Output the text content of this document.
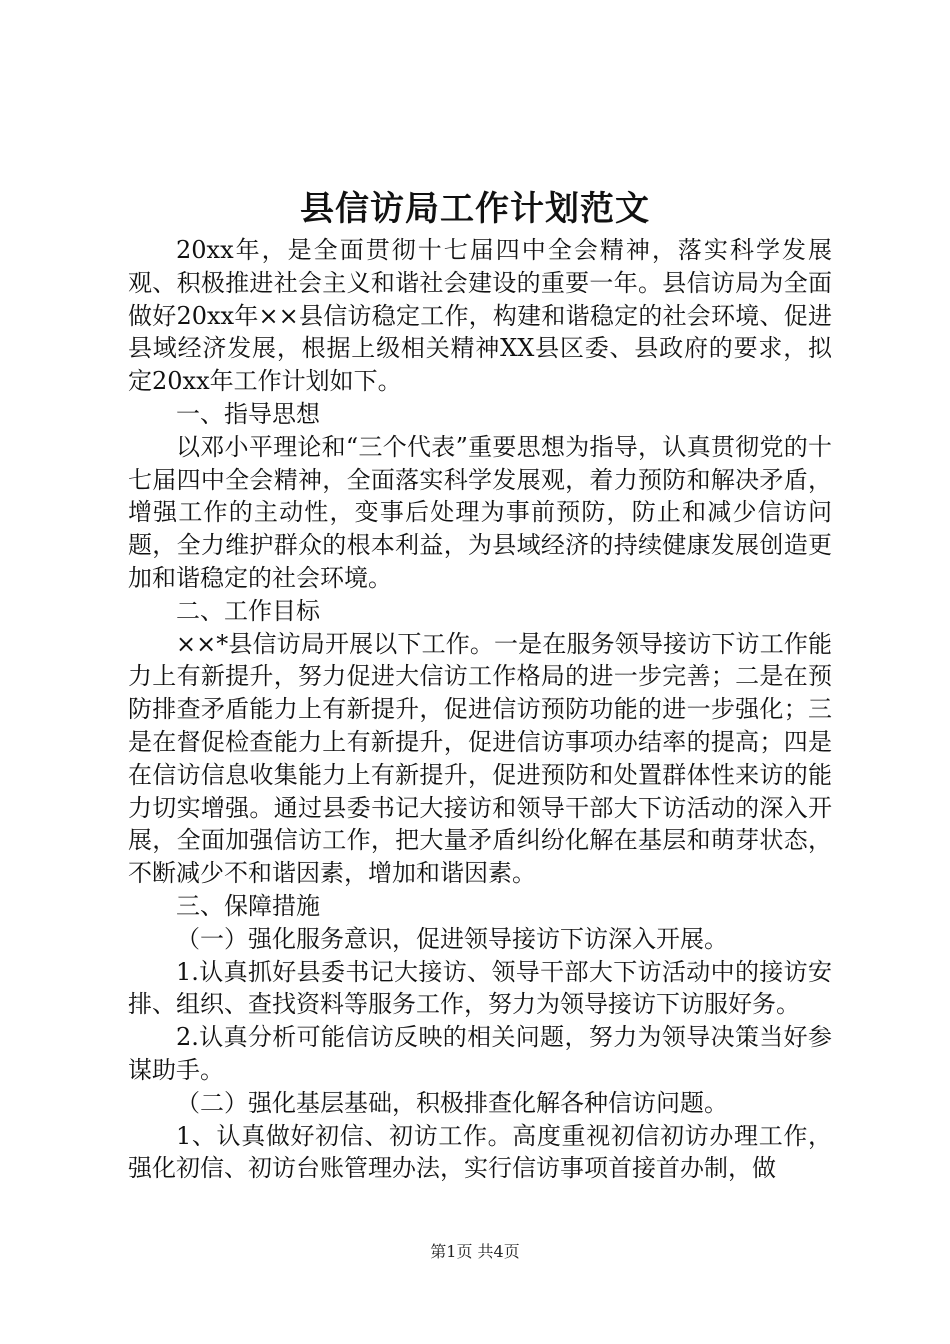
县信访局工作计划范文

20xx年，是全面贯彻十七届四中全会精神，落实科学发展观、积极推进社会主义和谐社会建设的重要一年。县信访局为全面做好20xx年××县信访稳定工作，构建和谐稳定的社会环境、促进县域经济发展，根据上级相关精神XX县区委、县政府的要求，拟定20xx年工作计划如下。

一、指导思想

以邓小平理论和“三个代表”重要思想为指导，认真贯彻党的十七届四中全会精神，全面落实科学发展观，着力预防和解决矛盾，增强工作的主动性，变事后处理为事前预防，防止和减少信访问题，全力维护群众的根本利益，为县域经济的持续健康发展创造更加和谐稳定的社会环境。

二、工作目标

××*县信访局开展以下工作。一是在服务领导接访下访工作能力上有新提升，努力促进大信访工作格局的进一步完善；二是在预防排查矛盾能力上有新提升，促进信访预防功能的进一步强化；三是在督促检查能力上有新提升，促进信访事项办结率的提高；四是在信访信息收集能力上有新提升，促进预防和处置群体性来访的能力切实增强。通过县委书记大接访和领导干部大下访活动的深入开展，全面加强信访工作，把大量矛盾纠纷化解在基层和萌芽状态，不断减少不和谐因素，增加和谐因素。

三、保障措施

（一）强化服务意识，促进领导接访下访深入开展。

1.认真抓好县委书记大接访、领导干部大下访活动中的接访安排、组织、查找资料等服务工作，努力为领导接访下访服好务。

2.认真分析可能信访反映的相关问题，努力为领导决策当好参谋助手。

（二）强化基层基础，积极排查化解各种信访问题。

1、认真做好初信、初访工作。高度重视初信初访办理工作，强化初信、初访台账管理办法，实行信访事项首接首办制，做

第1页 共4页
